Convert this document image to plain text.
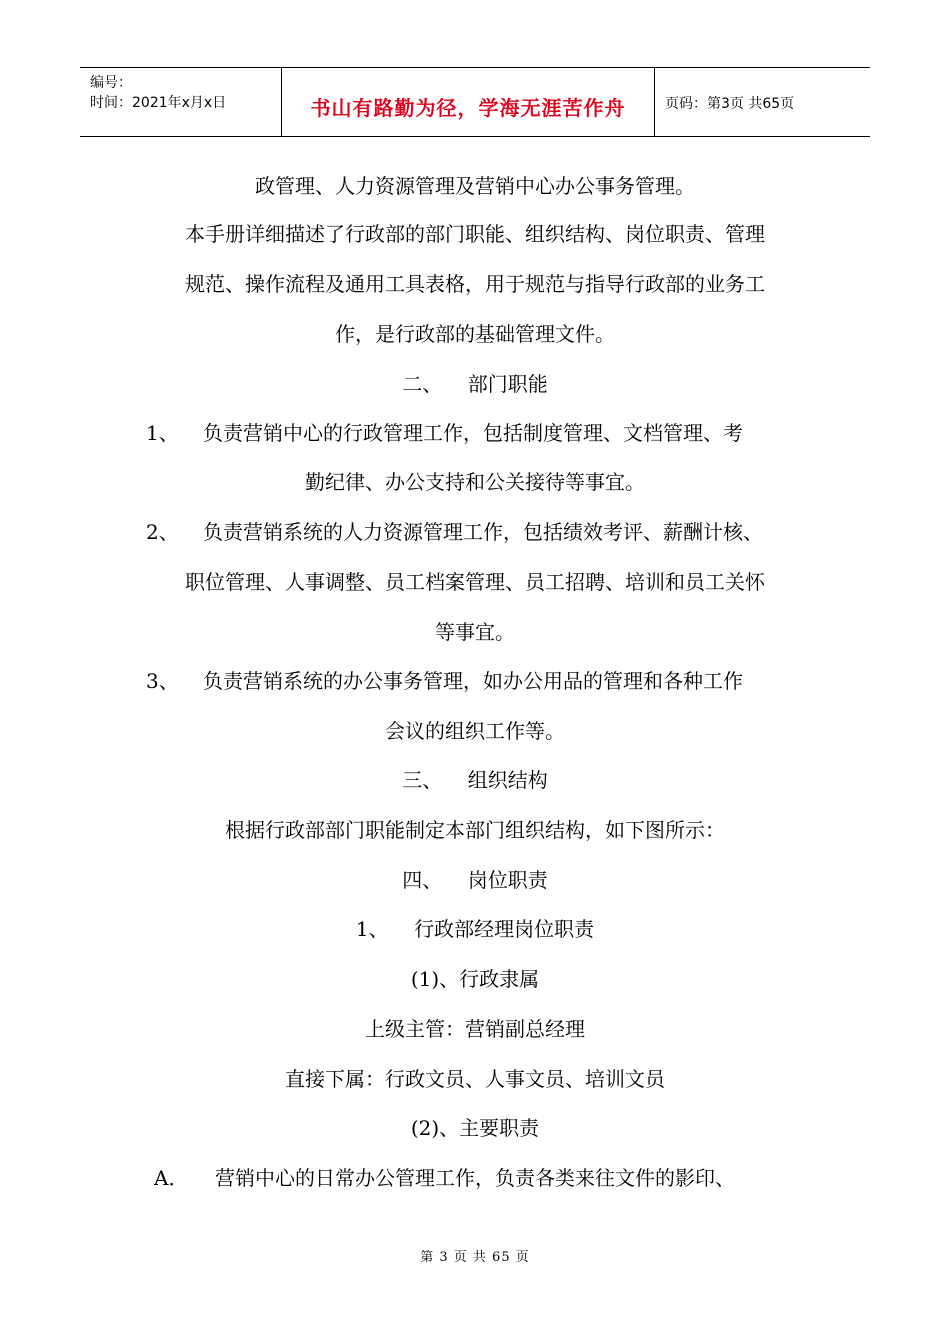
编号：
时间：2021年x月x日	书山有路勤为径，学海无涯苦作舟	页码：第3页 共65页
政管理、人力资源管理及营销中心办公事务管理。
本手册详细描述了行政部的部门职能、组织结构、岗位职责、管理
规范、操作流程及通用工具表格，用于规范与指导行政部的业务工
作，是行政部的基础管理文件。
二、    部门职能
1、 负责营销中心的行政管理工作，包括制度管理、文档管理、考
勤纪律、办公支持和公关接待等事宜。
2、 负责营销系统的人力资源管理工作，包括绩效考评、薪酬计核、
职位管理、人事调整、员工档案管理、员工招聘、培训和员工关怀
等事宜。
3、 负责营销系统的办公事务管理，如办公用品的管理和各种工作
会议的组织工作等。
三、    组织结构
根据行政部部门职能制定本部门组织结构，如下图所示：
四、    岗位职责
1、    行政部经理岗位职责
(1)、行政隶属
上级主管：营销副总经理
直接下属：行政文员、人事文员、培训文员
(2)、主要职责
A． 营销中心的日常办公管理工作，负责各类来往文件的影印、
第 3 页 共 65 页
